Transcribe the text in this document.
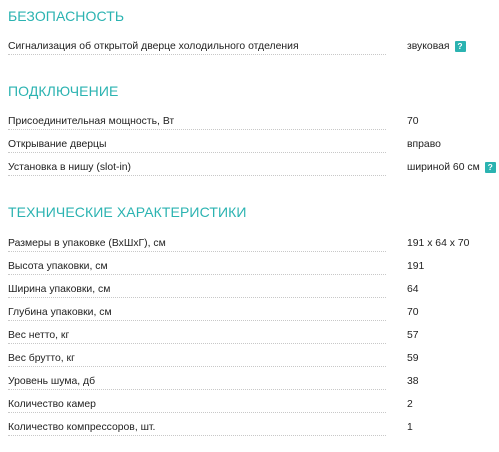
БЕЗОПАСНОСТЬ
Сигнализация об открытой дверце холодильного отделения	звуковая ?
ПОДКЛЮЧЕНИЕ
Присоединительная мощность, Вт	70
Открывание дверцы	вправо
Установка в нишу (slot-in)	шириной 60 см ?
ТЕХНИЧЕСКИЕ ХАРАКТЕРИСТИКИ
Размеры в упаковке (ВхШхГ), см	191 x 64 x 70
Высота упаковки, см	191
Ширина упаковки, см	64
Глубина упаковки, см	70
Вес нетто, кг	57
Вес брутто, кг	59
Уровень шума, дб	38
Количество камер	2
Количество компрессоров, шт.	1
